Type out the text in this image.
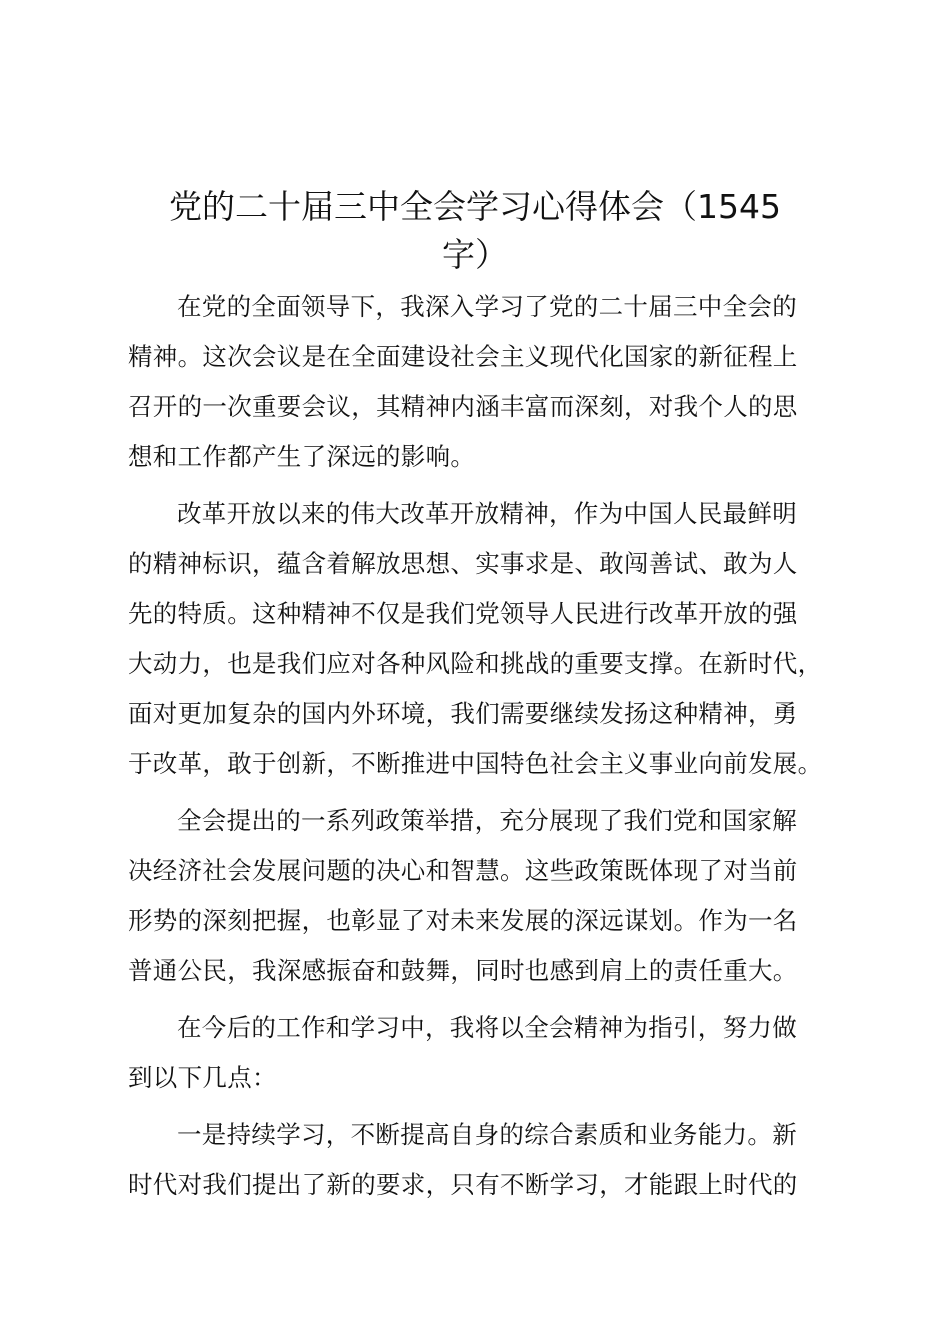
党的二十届三中全会学习心得体会（1545
字）
在党的全面领导下，我深入学习了党的二十届三中全会的
精神。这次会议是在全面建设社会主义现代化国家的新征程上
召开的一次重要会议，其精神内涵丰富而深刻，对我个人的思
想和工作都产生了深远的影响。
改革开放以来的伟大改革开放精神，作为中国人民最鲜明
的精神标识，蕴含着解放思想、实事求是、敢闯善试、敢为人
先的特质。这种精神不仅是我们党领导人民进行改革开放的强
大动力，也是我们应对各种风险和挑战的重要支撑。在新时代，
面对更加复杂的国内外环境，我们需要继续发扬这种精神，勇
于改革，敢于创新，不断推进中国特色社会主义事业向前发展。
全会提出的一系列政策举措，充分展现了我们党和国家解
决经济社会发展问题的决心和智慧。这些政策既体现了对当前
形势的深刻把握，也彰显了对未来发展的深远谋划。作为一名
普通公民，我深感振奋和鼓舞，同时也感到肩上的责任重大。
在今后的工作和学习中，我将以全会精神为指引，努力做
到以下几点：
一是持续学习，不断提高自身的综合素质和业务能力。新
时代对我们提出了新的要求，只有不断学习，才能跟上时代的
